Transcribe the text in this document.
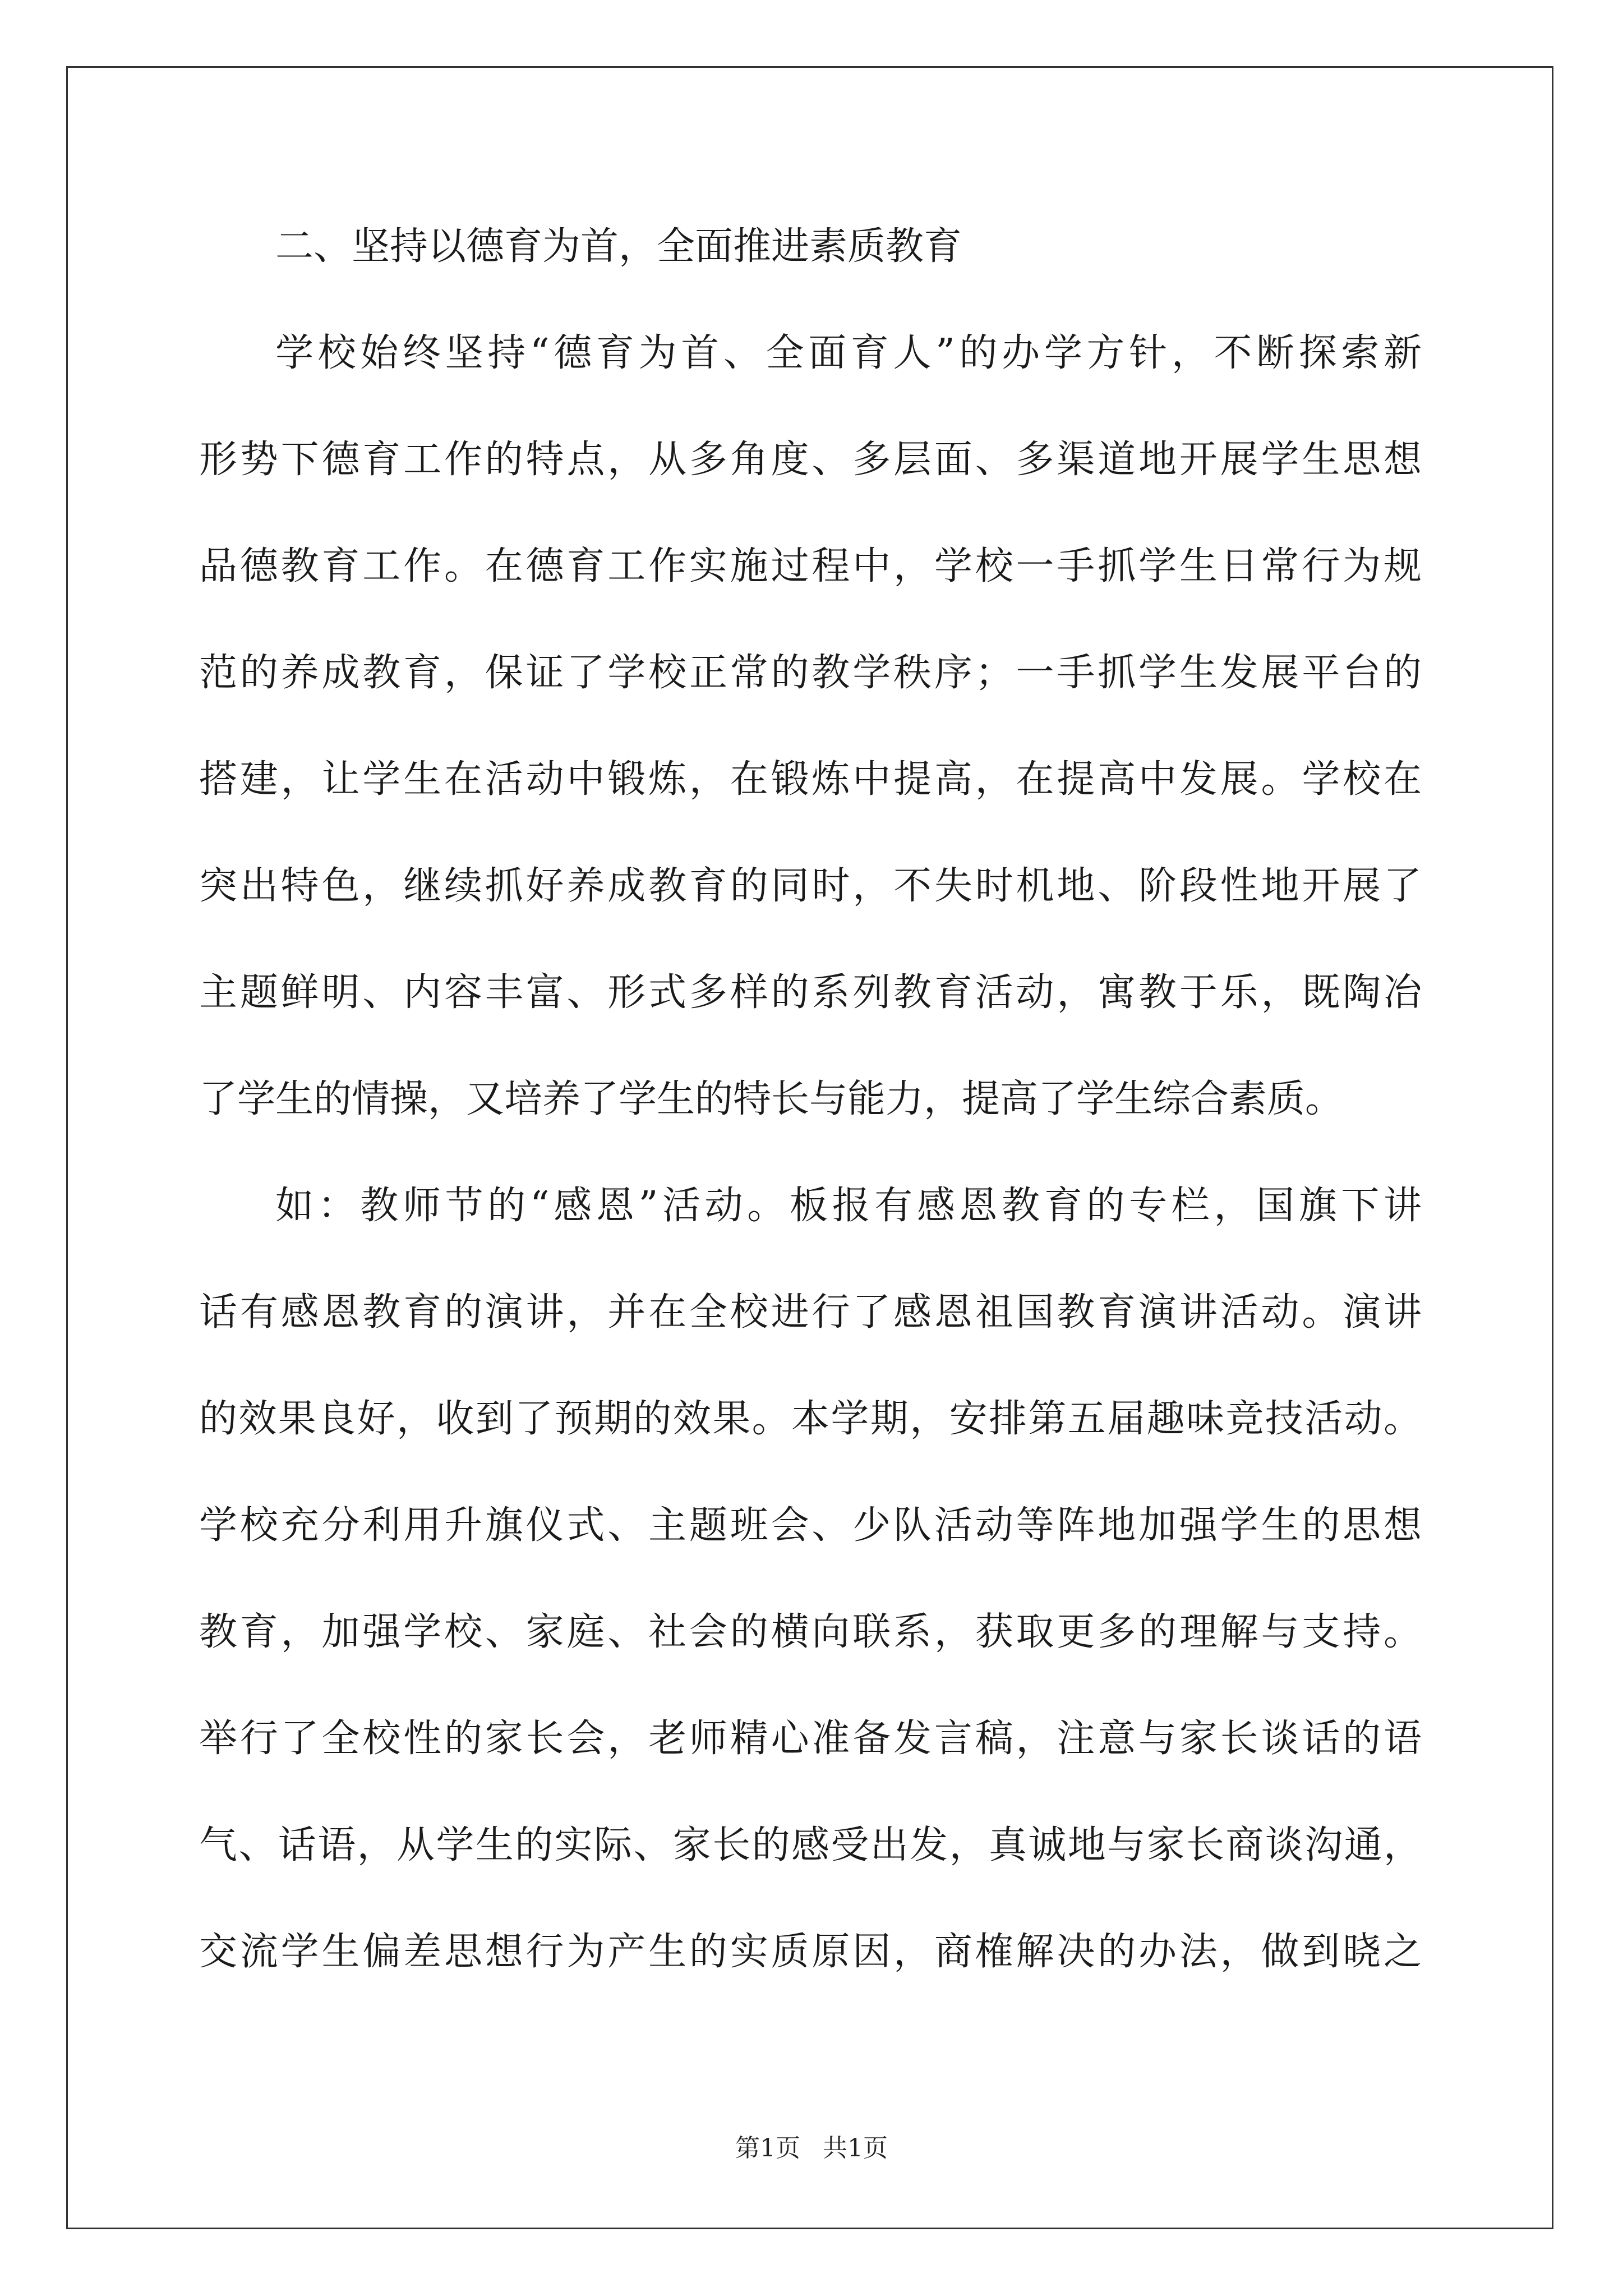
二、坚持以德育为首，全面推进素质教育
学校始终坚持“德育为首、全面育人”的办学方针，不断探索新
形势下德育工作的特点，从多角度、多层面、多渠道地开展学生思想
品德教育工作。在德育工作实施过程中，学校一手抓学生日常行为规
范的养成教育，保证了学校正常的教学秩序；一手抓学生发展平台的
搭建，让学生在活动中锻炼，在锻炼中提高，在提高中发展。学校在
突出特色，继续抓好养成教育的同时，不失时机地、阶段性地开展了
主题鲜明、内容丰富、形式多样的系列教育活动，寓教于乐，既陶冶
了学生的情操，又培养了学生的特长与能力，提高了学生综合素质。
如：教师节的“感恩”活动。板报有感恩教育的专栏，国旗下讲
话有感恩教育的演讲，并在全校进行了感恩祖国教育演讲活动。演讲
的效果良好，收到了预期的效果。本学期，安排第五届趣味竞技活动。
学校充分利用升旗仪式、主题班会、少队活动等阵地加强学生的思想
教育，加强学校、家庭、社会的横向联系，获取更多的理解与支持。
举行了全校性的家长会，老师精心准备发言稿，注意与家长谈话的语
气、话语，从学生的实际、家长的感受出发，真诚地与家长商谈沟通，
交流学生偏差思想行为产生的实质原因，商榷解决的办法，做到晓之
第1页 共1页
